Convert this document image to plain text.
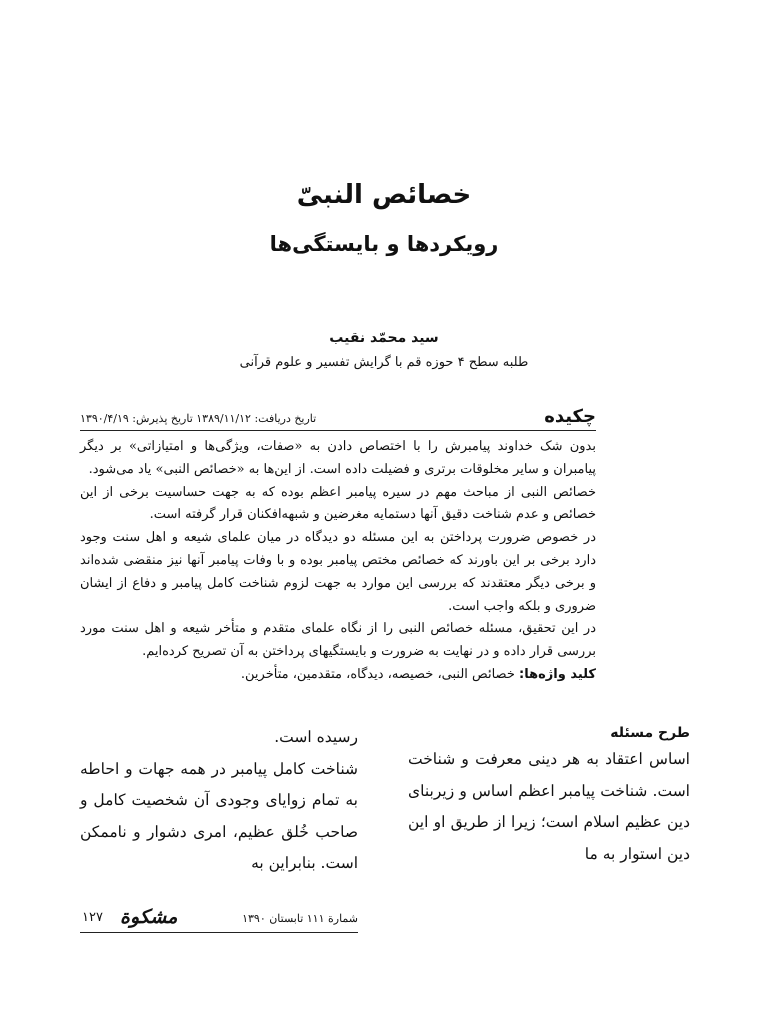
خصائص النبیّ
رویکردها و بایستگی‌ها
سید محمّد نقیب
طلبه سطح ۴ حوزه قم با گرایش تفسیر و علوم قرآنی
چکیده
تاریخ دریافت: ۱۳۸۹/۱۱/۱۲ تاریخ پذیرش: ۱۳۹۰/۴/۱۹

بدون شک خداوند پیامبرش را با اختصاص دادن به «صفات، ویژگی‌ها و امتیازاتی» بر دیگر پیامبران و سایر مخلوقات برتری و فضیلت داده است. از این‌ها به «خصائص النبی» یاد می‌شود.

خصائص النبی از مباحث مهم در سیره پیامبر اعظم بوده که به جهت حساسیت برخی از این خصائص و عدم شناخت دقیق آنها دستمایه مغرضین و شبهه‌افکنان قرار گرفته است.

در خصوص ضرورت پرداختن به این مسئله دو دیدگاه در میان علمای شیعه و اهل سنت وجود دارد برخی بر این باورند که خصائص مختص پیامبر بوده و با وفات پیامبر آنها نیز منقضی شده‌اند و برخی دیگر معتقدند که بررسی این موارد به جهت لزوم شناخت کامل پیامبر و دفاع از ایشان ضروری و بلکه واجب است.

در این تحقیق، مسئله خصائص النبی را از نگاه علمای متقدم و متأخر شیعه و اهل سنت مورد بررسی قرار داده و در نهایت به ضرورت و بایستگیهای پرداختن به آن تصریح کرده‌ایم.

کلید واژه‌ها: خصائص النبی، خصیصه، دیدگاه، متقدمین، متأخرین.

طرح مسئله

اساس اعتقاد به هر دینی معرفت و شناخت است. شناخت پیامبر اعظم اساس و زیربنای دین عظیم اسلام است؛ زیرا از طریق او این دین استوار به ما

رسیده است.

شناخت کامل پیامبر در همه جهات و احاطه به تمام زوایای وجودی آن شخصیت کامل و صاحب خُلق عظیم، امری دشوار و ناممکن است. بنابراین به

۱۲۷ مشکوة	شمارة ۱۱۱ تابستان ۱۳۹۰
